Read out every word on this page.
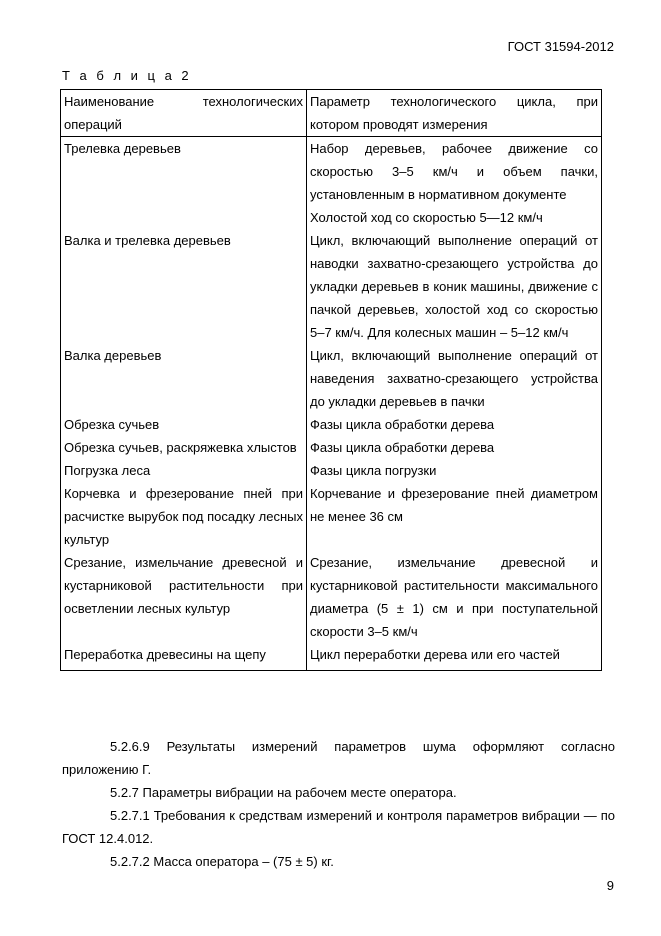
ГОСТ 31594-2012
Т а б л и ц а 2
Наименование технологических операций	Параметр технологического цикла, при котором проводят измерения
Трелевка деревьев	Набор деревьев, рабочее движение со скоростью 3–5 км/ч и объем пачки, установленным в нормативном документе
Холостой ход со скоростью 5—12 км/ч
Валка и трелевка деревьев	Цикл, включающий выполнение операций от наводки захватно-срезающего устройства до укладки деревьев в коник машины, движение с пачкой деревьев, холостой ход со скоростью 5–7 км/ч. Для колесных машин – 5–12 км/ч
Валка деревьев	Цикл, включающий выполнение операций от наведения захватно-срезающего устройства до укладки деревьев в пачки
Обрезка сучьев	Фазы цикла обработки дерева
Обрезка сучьев, раскряжевка хлыстов	Фазы цикла обработки дерева
Погрузка леса	Фазы цикла погрузки
Корчевка и фрезерование пней при расчистке вырубок под посадку лесных культур	Корчевание и фрезерование пней диаметром не менее 36 см
Срезание, измельчание древесной и кустарниковой растительности при осветлении лесных культур	Срезание, измельчание древесной и кустарниковой растительности максимального диаметра (5 ± 1) см и при поступательной скорости 3–5 км/ч
Переработка древесины на щепу	Цикл переработки дерева или его частей

5.2.6.9 Результаты измерений параметров шума оформляют согласно приложению Г.

5.2.7 Параметры вибрации на рабочем месте оператора.

5.2.7.1 Требования к средствам измерений и контроля параметров вибрации — по ГОСТ 12.4.012.

5.2.7.2 Масса оператора – (75 ± 5) кг.

9
